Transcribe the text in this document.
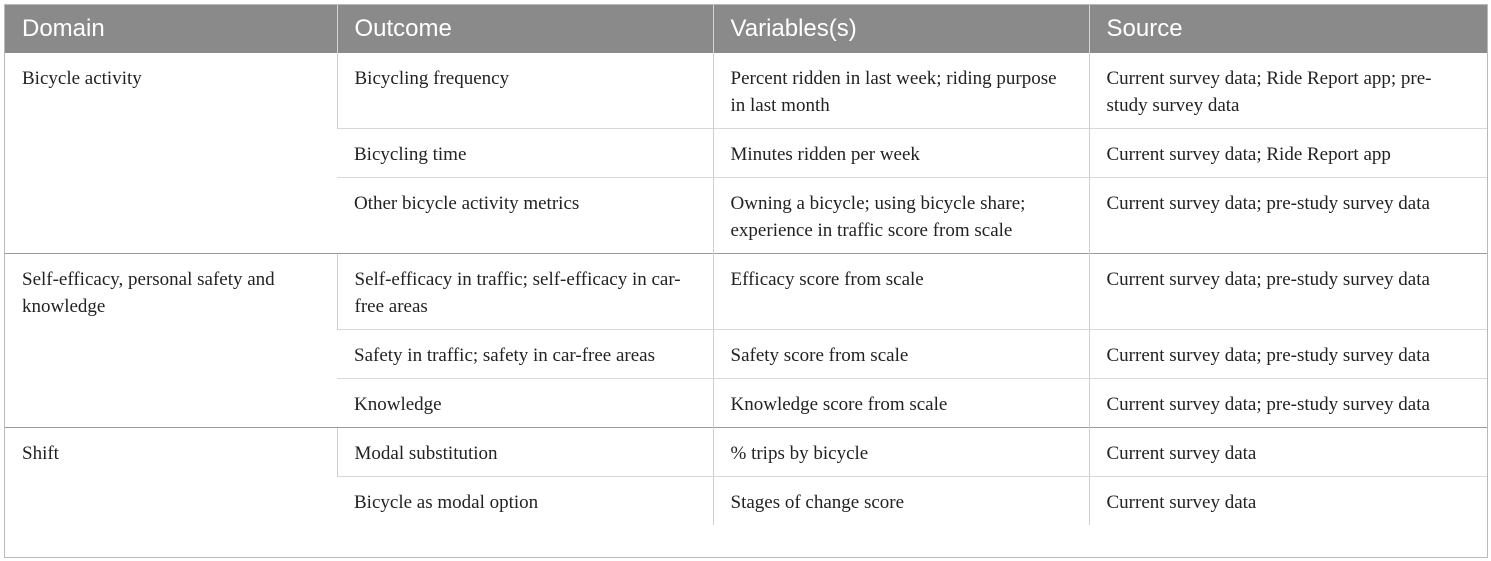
Domain	Outcome	Variables(s)	Source
Bicycle activity	Bicycling frequency	Percent ridden in last week; riding purpose in last month	Current survey data; Ride Report app; pre-study survey data
	Bicycling time	Minutes ridden per week	Current survey data; Ride Report app
	Other bicycle activity metrics	Owning a bicycle; using bicycle share; experience in traffic score from scale	Current survey data; pre-study survey data
Self-efficacy, personal safety and knowledge	Self-efficacy in traffic; self-efficacy in car-free areas	Efficacy score from scale	Current survey data; pre-study survey data
	Safety in traffic; safety in car-free areas	Safety score from scale	Current survey data; pre-study survey data
	Knowledge	Knowledge score from scale	Current survey data; pre-study survey data
Shift	Modal substitution	% trips by bicycle	Current survey data
	Bicycle as modal option	Stages of change score	Current survey data
